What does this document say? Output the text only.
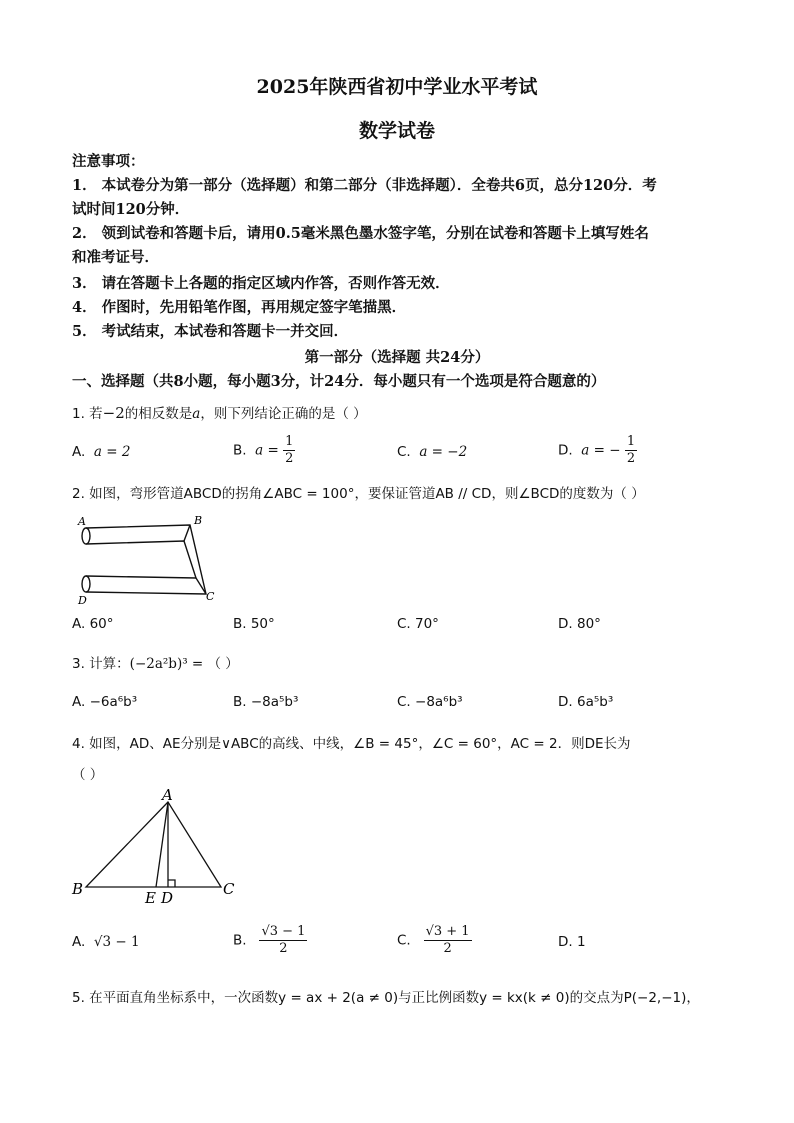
2025年陕西省初中学业水平考试
数学试卷
注意事项：
1． 本试卷分为第一部分（选择题）和第二部分（非选择题）．全卷共6页，总分120分．考
试时间120分钟．
2． 领到试卷和答题卡后，请用0.5毫米黑色墨水签字笔，分别在试卷和答题卡上填写姓名
和准考证号．
3． 请在答题卡上各题的指定区域内作答，否则作答无效．
4． 作图时，先用铅笔作图，再用规定签字笔描黑．
5． 考试结束，本试卷和答题卡一并交回．
第一部分（选择题 共24分）
一、选择题（共8小题，每小题3分，计24分．每小题只有一个选项是符合题意的）
1. 若−2的相反数是a，则下列结论正确的是（ ）
A. a = 2	B. $a = \frac{1}{2}$	C. a = −2	D. a = − $\frac{1}{2}$
2. 如图，弯形管道ABCD的拐角∠ABC = 100°，要保证管道AB // CD，则∠BCD的度数为（ ）
A	B
C
D
A. 60°	B. 50°	C. 70°	D. 80°
3. 计算：(−2a²b)³ = （ ）
A. −6a⁶b³	B. −8a⁵b³	C. −8a⁶b³	D. 6a⁵b³
4. 如图，AD、AE分别是∨ABC的高线、中线，∠B = 45°，∠C = 60°，AC = 2．则DE长为
（ ）
A
B	C
E D
A. √3 − 1	B. $\frac{√3 - 1}{2}$	C. $\frac{√3 + 1}{2}$	D. 1
5. 在平面直角坐标系中，一次函数y = ax + 2(a ≠ 0)与正比例函数y = kx(k ≠ 0)的交点为P(−2,−1)，
